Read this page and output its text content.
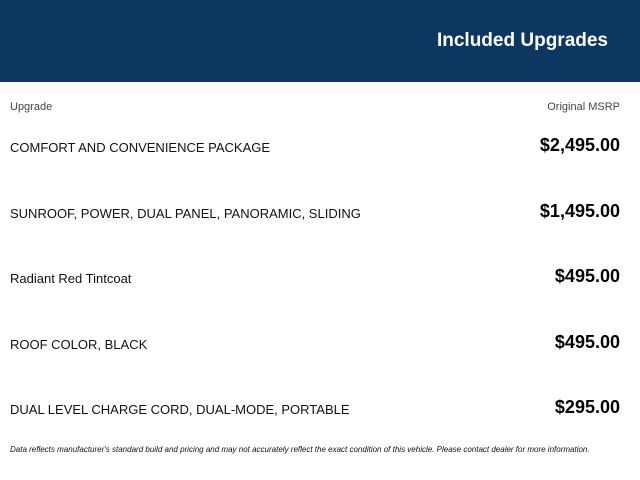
Included Upgrades
Upgrade	Original MSRP
COMFORT AND CONVENIENCE PACKAGE	$2,495.00
SUNROOF, POWER, DUAL PANEL, PANORAMIC, SLIDING	$1,495.00
Radiant Red Tintcoat	$495.00
ROOF COLOR, BLACK	$495.00
DUAL LEVEL CHARGE CORD, DUAL-MODE, PORTABLE	$295.00
Data reflects manufacturer's standard build and pricing and may not accurately reflect the exact condition of this vehicle. Please contact dealer for more information.
